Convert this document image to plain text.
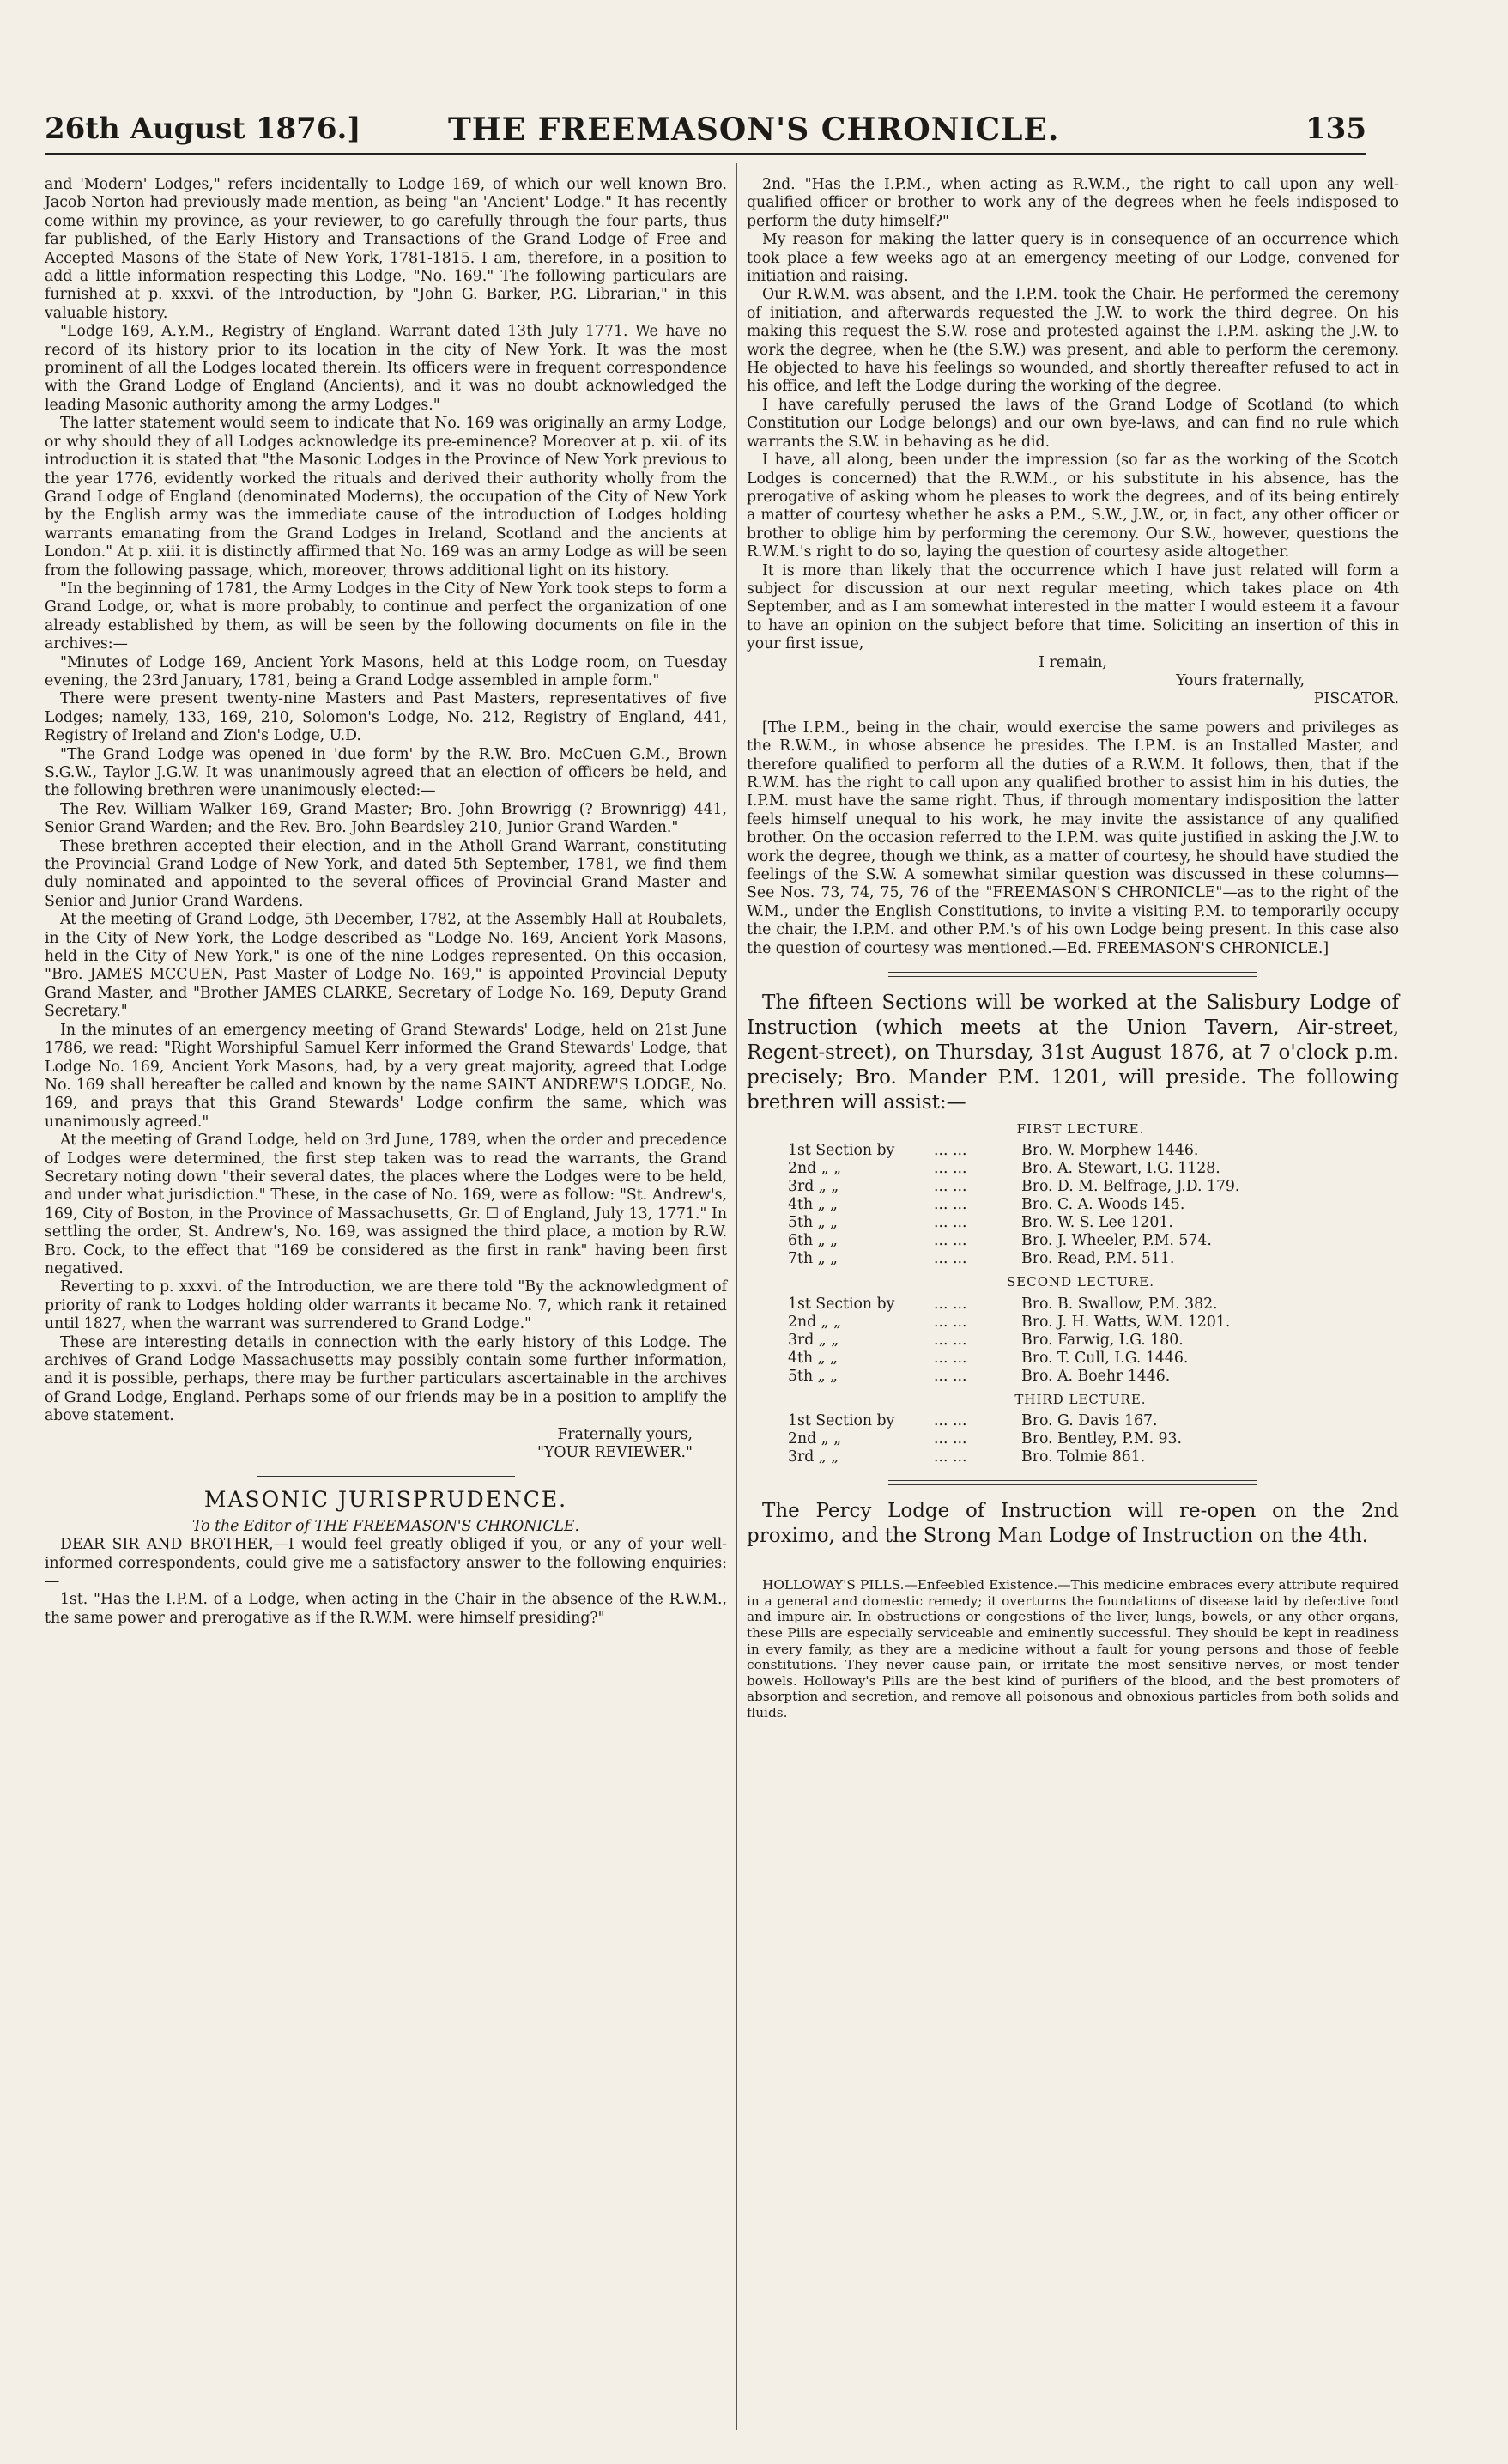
26th August 1876.]	THE FREEMASON'S CHRONICLE.	135

and 'Modern' Lodges," refers incidentally to Lodge 169, of which our well known Bro. Jacob Norton had previously made mention, as being "an 'Ancient' Lodge." It has recently come within my province, as your reviewer, to go carefully through the four parts, thus far published, of the Early History and Transactions of the Grand Lodge of Free and Accepted Masons of the State of New York, 1781-1815. I am, therefore, in a position to add a little information respecting this Lodge, "No. 169." The following particulars are furnished at p. xxxvi. of the Introduction, by "John G. Barker, P.G. Librarian," in this valuable history.

"Lodge 169, A.Y.M., Registry of England. Warrant dated 13th July 1771. We have no record of its history prior to its location in the city of New York. It was the most prominent of all the Lodges located therein. Its officers were in frequent correspondence with the Grand Lodge of England (Ancients), and it was no doubt acknowledged the leading Masonic authority among the army Lodges."

The latter statement would seem to indicate that No. 169 was originally an army Lodge, or why should they of all Lodges acknowledge its pre-eminence? Moreover at p. xii. of its introduction it is stated that "the Masonic Lodges in the Province of New York previous to the year 1776, evidently worked the rituals and derived their authority wholly from the Grand Lodge of England (denominated Moderns), the occupation of the City of New York by the English army was the immediate cause of the introduction of Lodges holding warrants emanating from the Grand Lodges in Ireland, Scotland and the ancients at London." At p. xiii. it is distinctly affirmed that No. 169 was an army Lodge as will be seen from the following passage, which, moreover, throws additional light on its history.

"In the beginning of 1781, the Army Lodges in the City of New York took steps to form a Grand Lodge, or, what is more probably, to continue and perfect the organization of one already established by them, as will be seen by the following documents on file in the archives:—

"Minutes of Lodge 169, Ancient York Masons, held at this Lodge room, on Tuesday evening, the 23rd January, 1781, being a Grand Lodge assembled in ample form."

There were present twenty-nine Masters and Past Masters, representatives of five Lodges; namely, 133, 169, 210, Solomon's Lodge, No. 212, Registry of England, 441, Registry of Ireland and Zion's Lodge, U.D.

"The Grand Lodge was opened in 'due form' by the R.W. Bro. McCuen G.M., Brown S.G.W., Taylor J.G.W. It was unanimously agreed that an election of officers be held, and the following brethren were unanimously elected:—

The Rev. William Walker 169, Grand Master; Bro. John Browrigg (? Brownrigg) 441, Senior Grand Warden; and the Rev. Bro. John Beardsley 210, Junior Grand Warden."

These brethren accepted their election, and in the Atholl Grand Warrant, constituting the Provincial Grand Lodge of New York, and dated 5th September, 1781, we find them duly nominated and appointed to the several offices of Provincial Grand Master and Senior and Junior Grand Wardens.

At the meeting of Grand Lodge, 5th December, 1782, at the Assembly Hall at Roubalets, in the City of New York, the Lodge described as "Lodge No. 169, Ancient York Masons, held in the City of New York," is one of the nine Lodges represented. On this occasion, "Bro. JAMES MCCUEN, Past Master of Lodge No. 169," is appointed Provincial Deputy Grand Master, and "Brother JAMES CLARKE, Secretary of Lodge No. 169, Deputy Grand Secretary."

In the minutes of an emergency meeting of Grand Stewards' Lodge, held on 21st June 1786, we read: "Right Worshipful Samuel Kerr informed the Grand Stewards' Lodge, that Lodge No. 169, Ancient York Masons, had, by a very great majority, agreed that Lodge No. 169 shall hereafter be called and known by the name SAINT ANDREW'S LODGE, No. 169, and prays that this Grand Stewards' Lodge confirm the same, which was unanimously agreed."

At the meeting of Grand Lodge, held on 3rd June, 1789, when the order and precedence of Lodges were determined, the first step taken was to read the warrants, the Grand Secretary noting down "their several dates, the places where the Lodges were to be held, and under what jurisdiction." These, in the case of No. 169, were as follow: "St. Andrew's, 169, City of Boston, in the Province of Massachusetts, Gr. ☐ of England, July 13, 1771." In settling the order, St. Andrew's, No. 169, was assigned the third place, a motion by R.W. Bro. Cock, to the effect that "169 be considered as the first in rank" having been first negatived.

Reverting to p. xxxvi. of the Introduction, we are there told "By the acknowledgment of priority of rank to Lodges holding older warrants it became No. 7, which rank it retained until 1827, when the warrant was surrendered to Grand Lodge."

These are interesting details in connection with the early history of this Lodge. The archives of Grand Lodge Massachusetts may possibly contain some further information, and it is possible, perhaps, there may be further particulars ascertainable in the archives of Grand Lodge, England. Perhaps some of our friends may be in a position to amplify the above statement.

Fraternally yours,

"YOUR REVIEWER."

MASONIC JURISPRUDENCE.

To the Editor of THE FREEMASON'S CHRONICLE.

DEAR SIR AND BROTHER,—I would feel greatly obliged if you, or any of your well-informed correspondents, could give me a satisfactory answer to the following enquiries:—

1st. "Has the I.P.M. of a Lodge, when acting in the Chair in the absence of the R.W.M., the same power and prerogative as if the R.W.M. were himself presiding?"

2nd. "Has the I.P.M., when acting as R.W.M., the right to call upon any well-qualified officer or brother to work any of the degrees when he feels indisposed to perform the duty himself?"

My reason for making the latter query is in consequence of an occurrence which took place a few weeks ago at an emergency meeting of our Lodge, convened for initiation and raising.

Our R.W.M. was absent, and the I.P.M. took the Chair. He performed the ceremony of initiation, and afterwards requested the J.W. to work the third degree. On his making this request the S.W. rose and protested against the I.P.M. asking the J.W. to work the degree, when he (the S.W.) was present, and able to perform the ceremony. He objected to have his feelings so wounded, and shortly thereafter refused to act in his office, and left the Lodge during the working of the degree.

I have carefully perused the laws of the Grand Lodge of Scotland (to which Constitution our Lodge belongs) and our own bye-laws, and can find no rule which warrants the S.W. in behaving as he did.

I have, all along, been under the impression (so far as the working of the Scotch Lodges is concerned) that the R.W.M., or his substitute in his absence, has the prerogative of asking whom he pleases to work the degrees, and of its being entirely a matter of courtesy whether he asks a P.M., S.W., J.W., or, in fact, any other officer or brother to oblige him by performing the ceremony. Our S.W., however, questions the R.W.M.'s right to do so, laying the question of courtesy aside altogether.

It is more than likely that the occurrence which I have just related will form a subject for discussion at our next regular meeting, which takes place on 4th September, and as I am somewhat interested in the matter I would esteem it a favour to have an opinion on the subject before that time. Soliciting an insertion of this in your first issue,

I remain,

Yours fraternally,

PISCATOR.

[The I.P.M., being in the chair, would exercise the same powers and privileges as the R.W.M., in whose absence he presides. The I.P.M. is an Installed Master, and therefore qualified to perform all the duties of a R.W.M. It follows, then, that if the R.W.M. has the right to call upon any qualified brother to assist him in his duties, the I.P.M. must have the same right. Thus, if through momentary indisposition the latter feels himself unequal to his work, he may invite the assistance of any qualified brother. On the occasion referred to the I.P.M. was quite justified in asking the J.W. to work the degree, though we think, as a matter of courtesy, he should have studied the feelings of the S.W. A somewhat similar question was discussed in these columns—See Nos. 73, 74, 75, 76 of the "FREEMASON'S CHRONICLE"—as to the right of the W.M., under the English Constitutions, to invite a visiting P.M. to temporarily occupy the chair, the I.P.M. and other P.M.'s of his own Lodge being present. In this case also the question of courtesy was mentioned.—Ed. FREEMASON'S CHRONICLE.]

The fifteen Sections will be worked at the Salisbury Lodge of Instruction (which meets at the Union Tavern, Air-street, Regent-street), on Thursday, 31st August 1876, at 7 o'clock p.m. precisely; Bro. Mander P.M. 1201, will preside. The following brethren will assist:—

FIRST LECTURE.

1st Section by	... ...	Bro. W. Morphew 1446.
2nd „ „	... ...	Bro. A. Stewart, I.G. 1128.
3rd „ „	... ...	Bro. D. M. Belfrage, J.D. 179.
4th „ „	... ...	Bro. C. A. Woods 145.
5th „ „	... ...	Bro. W. S. Lee 1201.
6th „ „	... ...	Bro. J. Wheeler, P.M. 574.
7th „ „	... ...	Bro. Read, P.M. 511.

SECOND LECTURE.

1st Section by	... ...	Bro. B. Swallow, P.M. 382.
2nd „ „	... ...	Bro. J. H. Watts, W.M. 1201.
3rd „ „	... ...	Bro. Farwig, I.G. 180.
4th „ „	... ...	Bro. T. Cull, I.G. 1446.
5th „ „	... ...	Bro. A. Boehr 1446.

THIRD LECTURE.

1st Section by	... ...	Bro. G. Davis 167.
2nd „ „	... ...	Bro. Bentley, P.M. 93.
3rd „ „	... ...	Bro. Tolmie 861.

The Percy Lodge of Instruction will re-open on the 2nd proximo, and the Strong Man Lodge of Instruction on the 4th.

HOLLOWAY'S PILLS.—Enfeebled Existence.—This medicine embraces every attribute required in a general and domestic remedy; it overturns the foundations of disease laid by defective food and impure air. In obstructions or congestions of the liver, lungs, bowels, or any other organs, these Pills are especially serviceable and eminently successful. They should be kept in readiness in every family, as they are a medicine without a fault for young persons and those of feeble constitutions. They never cause pain, or irritate the most sensitive nerves, or most tender bowels. Holloway's Pills are the best kind of purifiers of the blood, and the best promoters of absorption and secretion, and remove all poisonous and obnoxious particles from both solids and fluids.
